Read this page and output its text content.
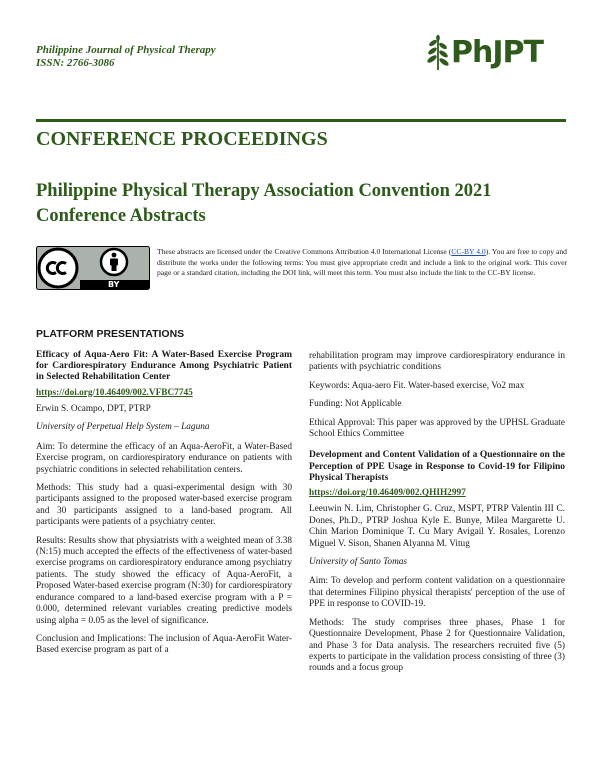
Philippine Journal of Physical Therapy
ISSN: 2766-3086	PhJPT
CONFERENCE PROCEEDINGS
Philippine Physical Therapy Association Convention 2021 Conference Abstracts
BY
These abstracts are licensed under the Creative Commons Attribution 4.0 International License (CC-BY 4.0). You are free to copy and distribute the works under the following terms: You must give appropriate credit and include a link to the original work. This cover page or a standard citation, including the DOI link, will meet this term. You must also include the link to the CC-BY license.
PLATFORM PRESENTATIONS

Efficacy of Aqua-Aero Fit: A Water-Based Exercise Program for Cardiorespiratory Endurance Among Psychiatric Patient in Selected Rehabilitation Center

https://doi.org/10.46409/002.VFBC7745

Erwin S. Ocampo, DPT, PTRP

University of Perpetual Help System – Laguna

Aim: To determine the efficacy of an Aqua-AeroFit, a Water-Based Exercise program, on cardiorespiratory endurance on patients with psychiatric conditions in selected rehabilitation centers.

Methods: This study had a quasi-experimental design with 30 participants assigned to the proposed water-based exercise program and 30 participants assigned to a land-based program. All participants were patients of a psychiatry center.

Results: Results show that physiatrists with a weighted mean of 3.38 (N:15) much accepted the effects of the effectiveness of water-based exercise programs on cardiorespiratory endurance among psychiatry patients. The study showed the efficacy of Aqua-AeroFit, a Proposed Water-based exercise program (N:30) for cardiorespiratory endurance compared to a land-based exercise program with a P = 0.000, determined relevant variables creating predictive models using alpha = 0.05 as the level of significance.

Conclusion and Implications: The inclusion of Aqua-AeroFit Water-Based exercise program as part of a

rehabilitation program may improve cardiorespiratory endurance in patients with psychiatric conditions

Keywords: Aqua-aero Fit. Water-based exercise, Vo2 max

Funding: Not Applicable

Ethical Approval: This paper was approved by the UPHSL Graduate School Ethics Committee

Development and Content Validation of a Questionnaire on the Perception of PPE Usage in Response to Covid-19 for Filipino Physical Therapists

https://doi.org/10.46409/002.QHIH2997

Leeuwin N. Lim, Christopher G. Cruz, MSPT, PTRP Valentin III C. Dones, Ph.D., PTRP Joshua Kyle E. Bunye, Milea Margarette U. Chin Marion Dominique T. Cu Mary Avigail Y. Rosales, Lorenzo Miguel V. Sison, Shanen Alyanna M. Vitug

University of Santo Tomas

Aim: To develop and perform content validation on a questionnaire that determines Filipino physical therapists' perception of the use of PPE in response to COVID-19.

Methods: The study comprises three phases, Phase 1 for Questionnaire Development, Phase 2 for Questionnaire Validation, and Phase 3 for Data analysis. The researchers recruited five (5) experts to participate in the validation process consisting of three (3) rounds and a focus group
